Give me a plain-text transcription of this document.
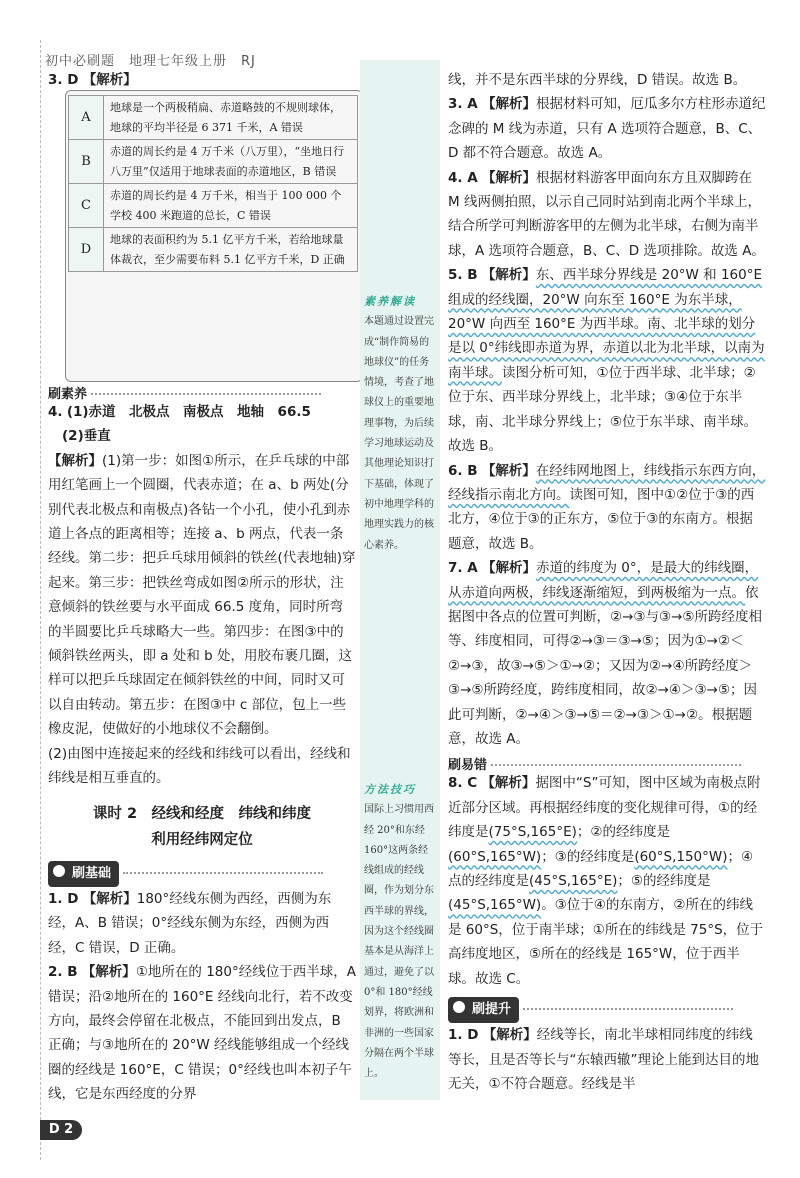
初中必刷题　地理七年级上册　RJ
3. D 【解析】
A	地球是一个两极稍扁、赤道略鼓的不规则球体，地球的平均半径是 6 371 千米，A 错误
B	赤道的周长约是 4 万千米（八万里），“坐地日行八万里”仅适用于地球表面的赤道地区，B 错误
C	赤道的周长约是 4 万千米，相当于 100 000 个学校 400 米跑道的总长，C 错误
D	地球的表面积约为 5.1 亿平方千米，若给地球量体裁衣，至少需要布料 5.1 亿平方千米，D 正确
刷素养
4. (1)赤道　北极点　南极点　地轴　66.5
(2)垂直
【解析】(1)第一步：如图①所示，在乒乓球的中部用红笔画上一个圆圈，代表赤道；在 a、b 两处(分别代表北极点和南极点)各钻一个小孔，使小孔到赤道上各点的距离相等；连接 a、b 两点，代表一条经线。第二步：把乒乓球用倾斜的铁丝(代表地轴)穿起来。第三步：把铁丝弯成如图②所示的形状，注意倾斜的铁丝要与水平面成 66.5 度角，同时所弯的半圆要比乒乓球略大一些。第四步：在图③中的倾斜铁丝两头，即 a 处和 b 处，用胶布裹几圈，这样可以把乒乓球固定在倾斜铁丝的中间，同时又可以自由转动。第五步：在图③中 c 部位，包上一些橡皮泥，使做好的小地球仪不会翻倒。
(2)由图中连接起来的经线和纬线可以看出，经线和纬线是相互垂直的。
课时 2　经线和经度　纬线和纬度
利用经纬网定位
刷基础
1. D 【解析】180°经线东侧为西经，西侧为东经，A、B 错误；0°经线东侧为东经，西侧为西经，C 错误，D 正确。
2. B 【解析】①地所在的 180°经线位于西半球，A 错误；沿②地所在的 160°E 经线向北行，若不改变方向，最终会停留在北极点，不能回到出发点，B 正确；与③地所在的 20°W 经线能够组成一个经线圈的经线是 160°E，C 错误；0°经线也叫本初子午线，它是东西经度的分界
素养解读
本题通过设置完成“制作简易的地球仪”的任务情境，考查了地球仪上的重要地理事物，为后续学习地球运动及其他理论知识打下基础，体现了初中地理学科的地理实践力的核心素养。
方法技巧
国际上习惯用西经 20°和东经 160°这两条经线组成的经线圈，作为划分东西半球的界线，因为这个经线圈基本是从海洋上通过，避免了以 0°和 180°经线划界，将欧洲和非洲的一些国家分隔在两个半球上。
线，并不是东西半球的分界线，D 错误。故选 B。
3. A 【解析】根据材料可知，厄瓜多尔方柱形赤道纪念碑的 M 线为赤道，只有 A 选项符合题意，B、C、D 都不符合题意。故选 A。
4. A 【解析】根据材料游客甲面向东方且双脚跨在 M 线两侧拍照，以示自己同时站到南北两个半球上，结合所学可判断游客甲的左侧为北半球，右侧为南半球，A 选项符合题意，B、C、D 选项排除。故选 A。
5. B 【解析】东、西半球分界线是 20°W 和 160°E 组成的经线圈，20°W 向东至 160°E 为东半球，20°W 向西至 160°E 为西半球。南、北半球的划分是以 0°纬线即赤道为界，赤道以北为北半球，以南为南半球。读图分析可知，①位于西半球、北半球；②位于东、西半球分界线上，北半球；③④位于东半球，南、北半球分界线上；⑤位于东半球、南半球。故选 B。
6. B 【解析】在经纬网地图上，纬线指示东西方向，经线指示南北方向。读图可知，图中①②位于③的西北方，④位于③的正东方，⑤位于③的东南方。根据题意，故选 B。
7. A 【解析】赤道的纬度为 0°，是最大的纬线圈，从赤道向两极，纬线逐渐缩短，到两极缩为一点。依据图中各点的位置可判断，②→③与③→⑤所跨经度相等、纬度相同，可得②→③＝③→⑤；因为①→②＜②→③，故③→⑤＞①→②；又因为②→④所跨经度＞③→⑤所跨经度，跨纬度相同，故②→④＞③→⑤；因此可判断，②→④＞③→⑤＝②→③＞①→②。根据题意，故选 A。
刷易错
8. C 【解析】据图中“S”可知，图中区域为南极点附近部分区域。再根据经纬度的变化规律可得，①的经纬度是(75°S,165°E)；②的经纬度是(60°S,165°W)；③的经纬度是(60°S,150°W)；④点的经纬度是(45°S,165°E)；⑤的经纬度是(45°S,165°W)。③位于④的东南方，②所在的纬线是 60°S，位于南半球；①所在的纬线是 75°S，位于高纬度地区，⑤所在的经线是 165°W，位于西半球。故选 C。
刷提升
1. D 【解析】经线等长，南北半球相同纬度的纬线等长，且是否等长与“东辕西辙”理论上能到达目的地无关，①不符合题意。经线是半
D 2
